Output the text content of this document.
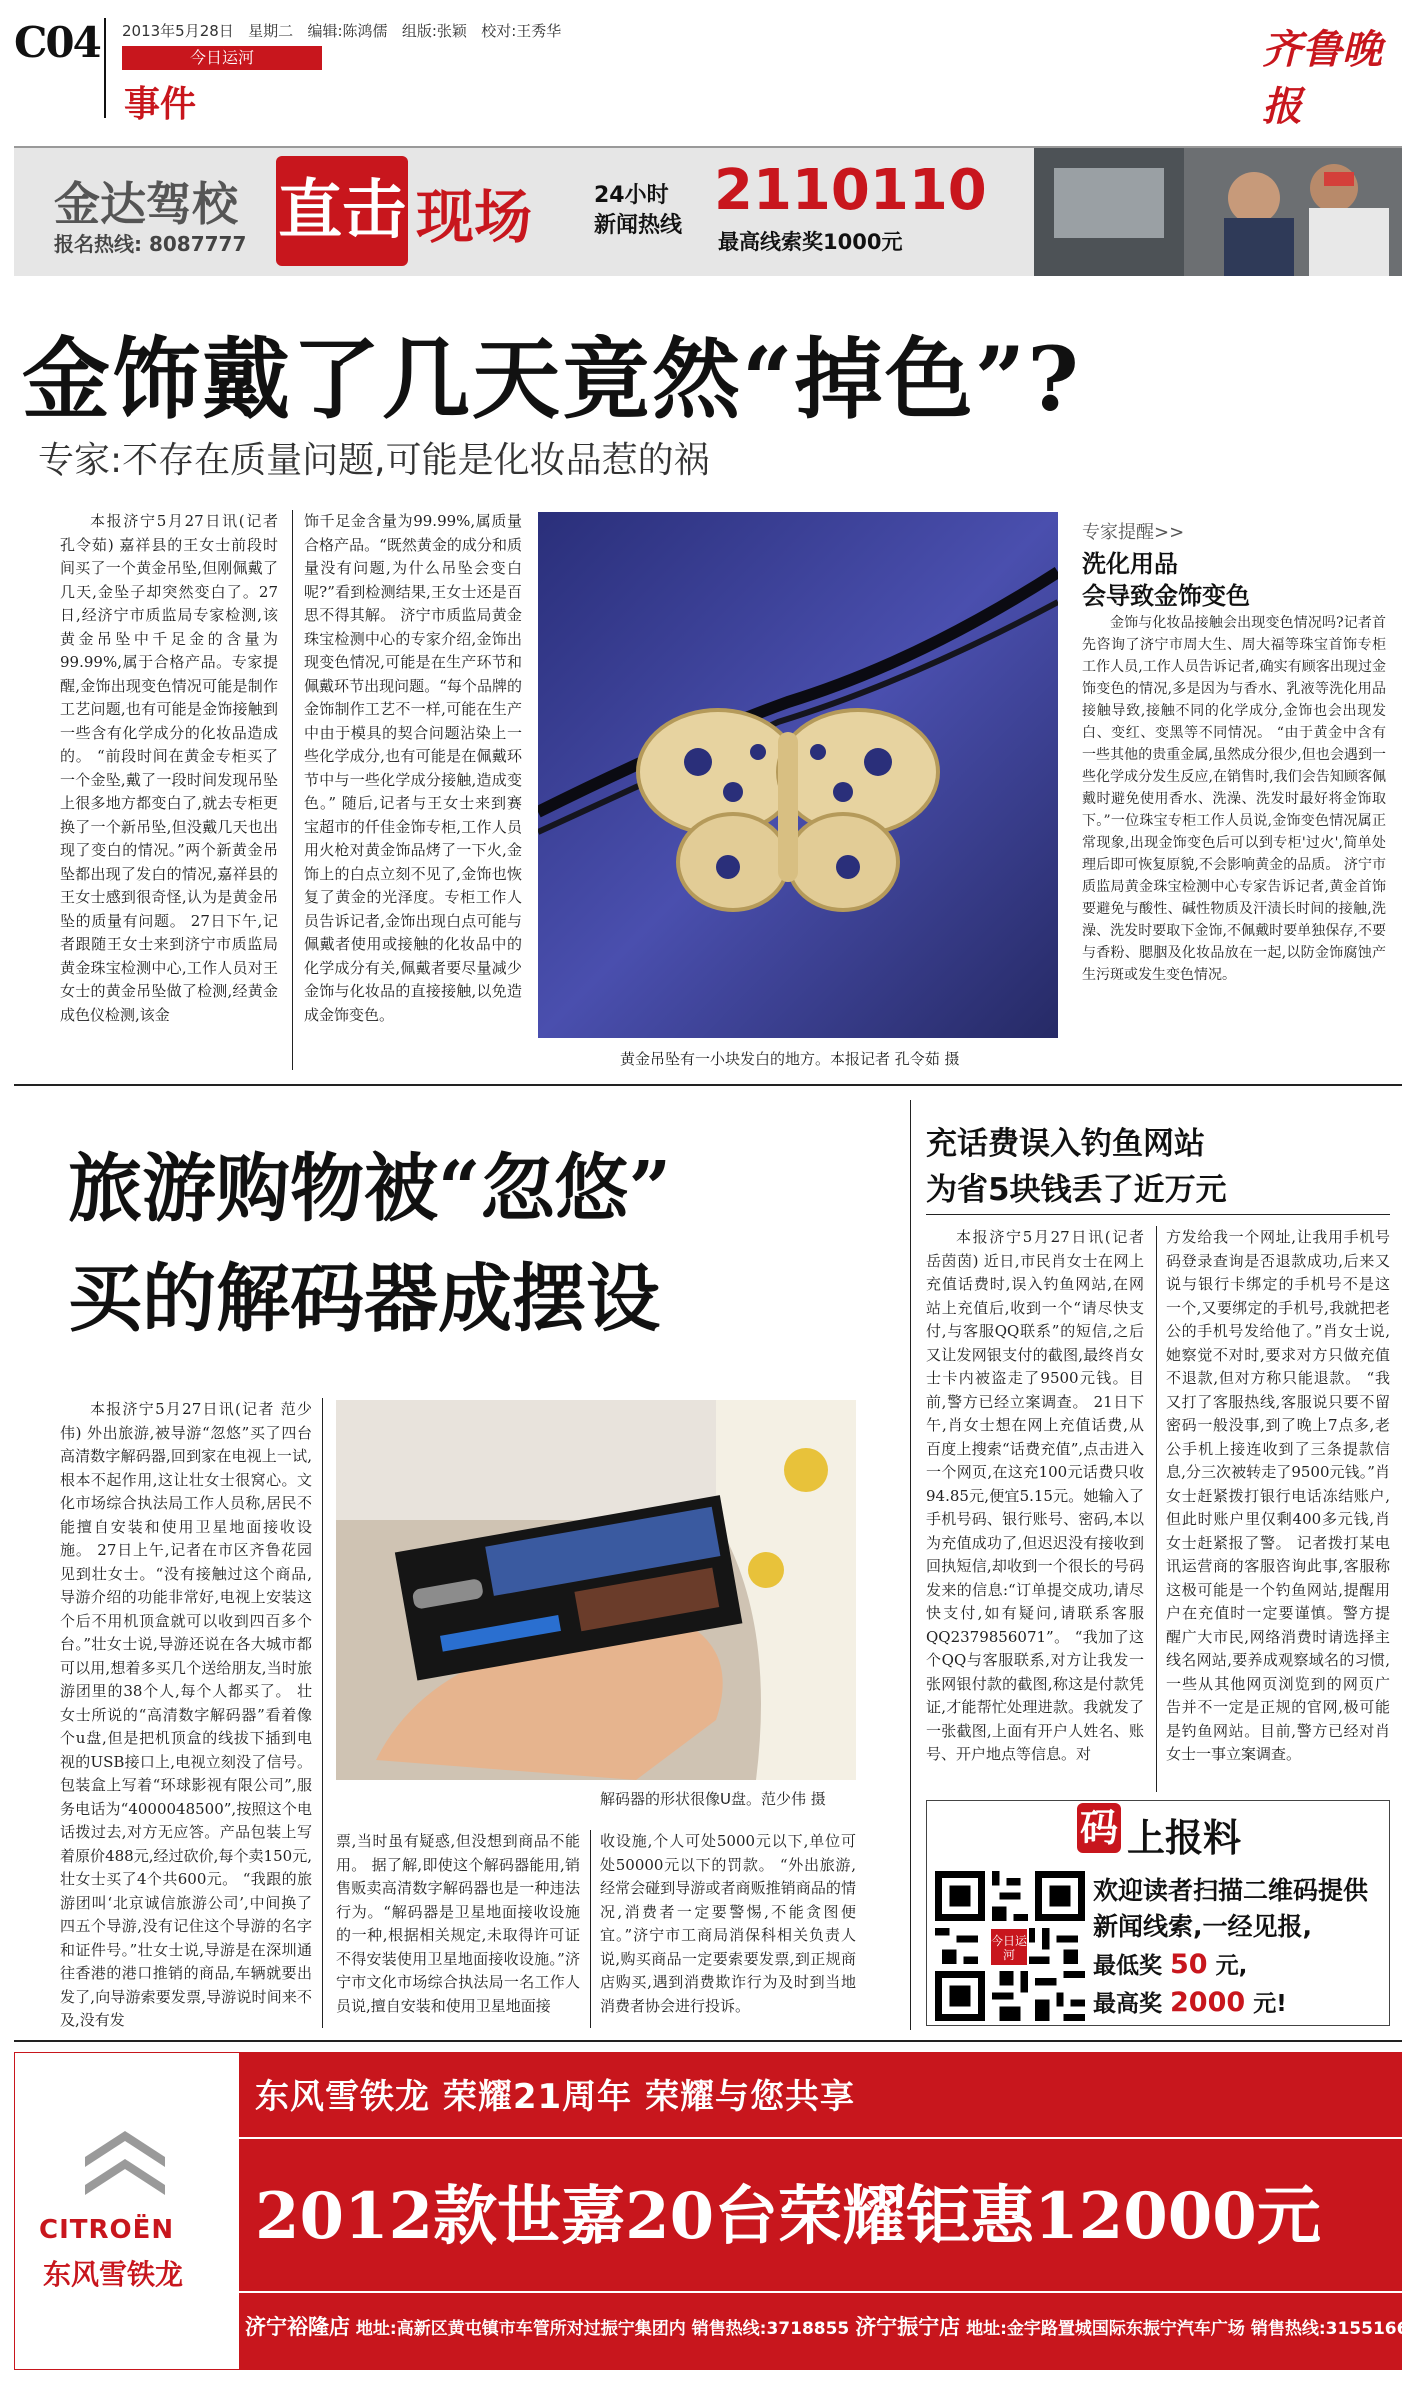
C04 2013年5月28日 星期二 编辑:陈鸿儒 组版:张颖 校对:王秀华
今日运河
事件
齐鲁晚报
金达驾校
报名热线: 8087777 直击 现场	24小时
新闻热线
2110110
最高线索奖1000元
金饰戴了几天竟然“掉色”?
专家:不存在质量问题,可能是化妆品惹的祸
本报济宁5月27日讯(记者 孔令茹) 嘉祥县的王女士前段时间买了一个黄金吊坠,但刚佩戴了几天,金坠子却突然变白了。27日,经济宁市质监局专家检测,该黄金吊坠中千足金的含量为99.99%,属于合格产品。专家提醒,金饰出现变色情况可能是制作工艺问题,也有可能是金饰接触到一些含有化学成分的化妆品造成的。 “前段时间在黄金专柜买了一个金坠,戴了一段时间发现吊坠上很多地方都变白了,就去专柜更换了一个新吊坠,但没戴几天也出现了变白的情况。”两个新黄金吊坠都出现了发白的情况,嘉祥县的王女士感到很奇怪,认为是黄金吊坠的质量有问题。 27日下午,记者跟随王女士来到济宁市质监局黄金珠宝检测中心,工作人员对王女士的黄金吊坠做了检测,经黄金成色仪检测,该金
饰千足金含量为99.99%,属质量合格产品。“既然黄金的成分和质量没有问题,为什么吊坠会变白呢?”看到检测结果,王女士还是百思不得其解。 济宁市质监局黄金珠宝检测中心的专家介绍,金饰出现变色情况,可能是在生产环节和佩戴环节出现问题。“每个品牌的金饰制作工艺不一样,可能在生产中由于模具的契合问题沾染上一些化学成分,也有可能是在佩戴环节中与一些化学成分接触,造成变色。” 随后,记者与王女士来到赛宝超市的仟佳金饰专柜,工作人员用火枪对黄金饰品烤了一下火,金饰上的白点立刻不见了,金饰也恢复了黄金的光泽度。专柜工作人员告诉记者,金饰出现白点可能与佩戴者使用或接触的化妆品中的化学成分有关,佩戴者要尽量减少金饰与化妆品的直接接触,以免造成金饰变色。
黄金吊坠有一小块发白的地方。本报记者 孔令茹 摄
专家提醒>>
洗化用品
会导致金饰变色
金饰与化妆品接触会出现变色情况吗?记者首先咨询了济宁市周大生、周大福等珠宝首饰专柜工作人员,工作人员告诉记者,确实有顾客出现过金饰变色的情况,多是因为与香水、乳液等洗化用品接触导致,接触不同的化学成分,金饰也会出现发白、变红、变黑等不同情况。 “由于黄金中含有一些其他的贵重金属,虽然成分很少,但也会遇到一些化学成分发生反应,在销售时,我们会告知顾客佩戴时避免使用香水、洗澡、洗发时最好将金饰取下。”一位珠宝专柜工作人员说,金饰变色情况属正常现象,出现金饰变色后可以到专柜'过火',简单处理后即可恢复原貌,不会影响黄金的品质。 济宁市质监局黄金珠宝检测中心专家告诉记者,黄金首饰要避免与酸性、碱性物质及汗渍长时间的接触,洗澡、洗发时要取下金饰,不佩戴时要单独保存,不要与香粉、腮胭及化妆品放在一起,以防金饰腐蚀产生污斑或发生变色情况。
旅游购物被“忽悠”
买的解码器成摆设
本报济宁5月27日讯(记者 范少伟) 外出旅游,被导游“忽悠”买了四台高清数字解码器,回到家在电视上一试,根本不起作用,这让壮女士很窝心。文化市场综合执法局工作人员称,居民不能擅自安装和使用卫星地面接收设施。 27日上午,记者在市区齐鲁花园见到壮女士。“没有接触过这个商品,导游介绍的功能非常好,电视上安装这个后不用机顶盒就可以收到四百多个台。”壮女士说,导游还说在各大城市都可以用,想着多买几个送给朋友,当时旅游团里的38个人,每个人都买了。 壮女士所说的“高清数字解码器”看着像个u盘,但是把机顶盒的线拔下插到电视的USB接口上,电视立刻没了信号。包装盒上写着“环球影视有限公司”,服务电话为“4000048500”,按照这个电话拨过去,对方无应答。产品包装上写着原价488元,经过砍价,每个卖150元,壮女士买了4个共600元。 “我跟的旅游团叫‘北京诚信旅游公司’,中间换了四五个导游,没有记住这个导游的名字和证件号。”壮女士说,导游是在深圳通往香港的港口推销的商品,车辆就要出发了,向导游索要发票,导游说时间来不及,没有发
解码器的形状很像U盘。范少伟 摄
票,当时虽有疑惑,但没想到商品不能用。 据了解,即使这个解码器能用,销售贩卖高清数字解码器也是一种违法行为。“解码器是卫星地面接收设施的一种,根据相关规定,未取得许可证不得安装使用卫星地面接收设施。”济宁市文化市场综合执法局一名工作人员说,擅自安装和使用卫星地面接
收设施,个人可处5000元以下,单位可处50000元以下的罚款。 “外出旅游,经常会碰到导游或者商贩推销商品的情况,消费者一定要警惕,不能贪图便宜。”济宁市工商局消保科相关负责人说,购买商品一定要索要发票,到正规商店购买,遇到消费欺诈行为及时到当地消费者协会进行投诉。
充话费误入钓鱼网站
为省5块钱丢了近万元
本报济宁5月27日讯(记者 岳茵茵) 近日,市民肖女士在网上充值话费时,误入钓鱼网站,在网站上充值后,收到一个“请尽快支付,与客服QQ联系”的短信,之后又让发网银支付的截图,最终肖女士卡内被盗走了9500元钱。目前,警方已经立案调查。 21日下午,肖女士想在网上充值话费,从百度上搜索“话费充值”,点击进入一个网页,在这充100元话费只收94.85元,便宜5.15元。她输入了手机号码、银行账号、密码,本以为充值成功了,但迟迟没有接收到回执短信,却收到一个很长的号码发来的信息:“订单提交成功,请尽快支付,如有疑问,请联系客服QQ2379856071”。 “我加了这个QQ与客服联系,对方让我发一张网银付款的截图,称这是付款凭证,才能帮忙处理进款。我就发了一张截图,上面有开户人姓名、账号、开户地点等信息。对
方发给我一个网址,让我用手机号码登录查询是否退款成功,后来又说与银行卡绑定的手机号不是这一个,又要绑定的手机号,我就把老公的手机号发给他了。”肖女士说,她察觉不对时,要求对方只做充值不退款,但对方称只能退款。 “我又打了客服热线,客服说只要不留密码一般没事,到了晚上7点多,老公手机上接连收到了三条提款信息,分三次被转走了9500元钱。”肖女士赶紧拨打银行电话冻结账户,但此时账户里仅剩400多元钱,肖女士赶紧报了警。 记者拨打某电讯运营商的客服咨询此事,客服称这极可能是一个钓鱼网站,提醒用户在充值时一定要谨慎。警方提醒广大市民,网络消费时请选择主线名网站,要养成观察域名的习惯,一些从其他网页浏览到的网页广告并不一定是正规的官网,极可能是钓鱼网站。目前,警方已经对肖女士一事立案调查。
码 上报料
今日运河
欢迎读者扫描二维码提供
新闻线索,一经见报,
最低奖 50 元,
最高奖 2000 元!
CITROËN
东风雪铁龙
东风雪铁龙 荣耀21周年 荣耀与您共享
2012款世嘉20台荣耀钜惠12000元
济宁裕隆店 地址:高新区黄屯镇市车管所对过振宁集团内 销售热线:3718855 济宁振宁店 地址:金宇路置城国际东振宁汽车广场 销售热线:3155166
